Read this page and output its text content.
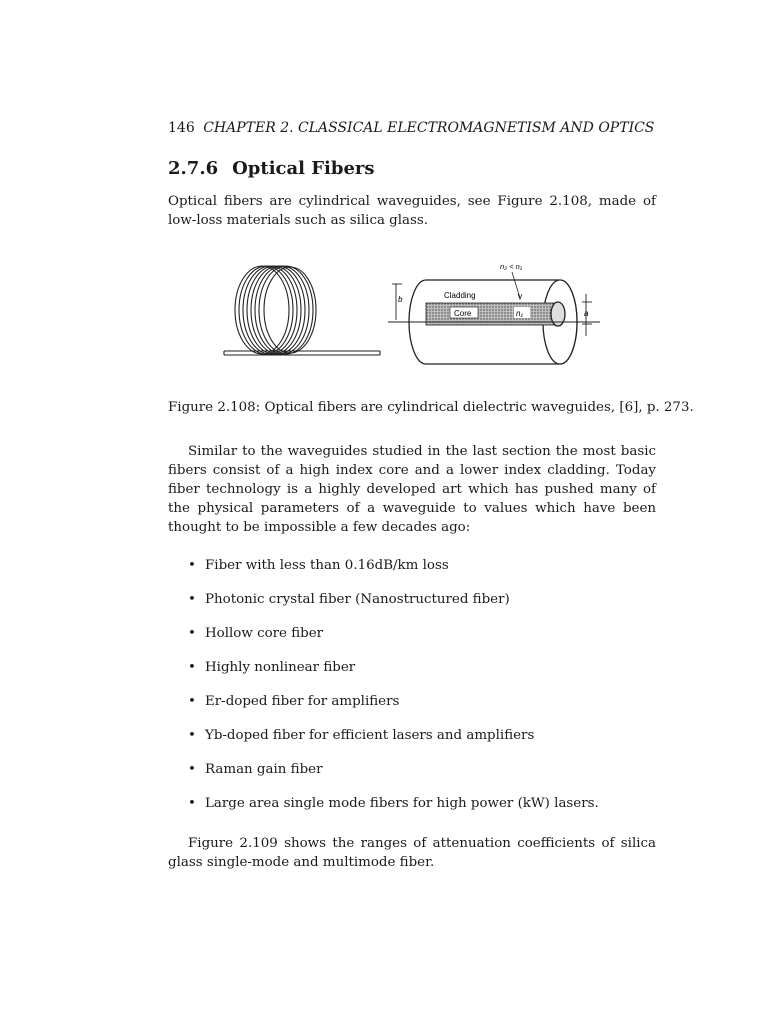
146 CHAPTER 2. CLASSICAL ELECTROMAGNETISM AND OPTICS
2.7.6 Optical Fibers
Optical fibers are cylindrical waveguides, see Figure 2.108, made of low-loss materials such as silica glass.
b
a
Cladding
Core	n₁
n₂ < n₁
Figure 2.108: Optical fibers are cylindrical dielectric waveguides, [6], p. 273.
Similar to the waveguides studied in the last section the most basic fibers consist of a high index core and a lower index cladding. Today fiber technology is a highly developed art which has pushed many of the physical parameters of a waveguide to values which have been thought to be impossible a few decades ago:
• Fiber with less than 0.16dB/km loss
• Photonic crystal fiber (Nanostructured fiber)
• Hollow core fiber
• Highly nonlinear fiber
• Er-doped fiber for amplifiers
• Yb-doped fiber for efficient lasers and amplifiers
• Raman gain fiber
• Large area single mode fibers for high power (kW) lasers.
Figure 2.109 shows the ranges of attenuation coefficients of silica glass single-mode and multimode fiber.
